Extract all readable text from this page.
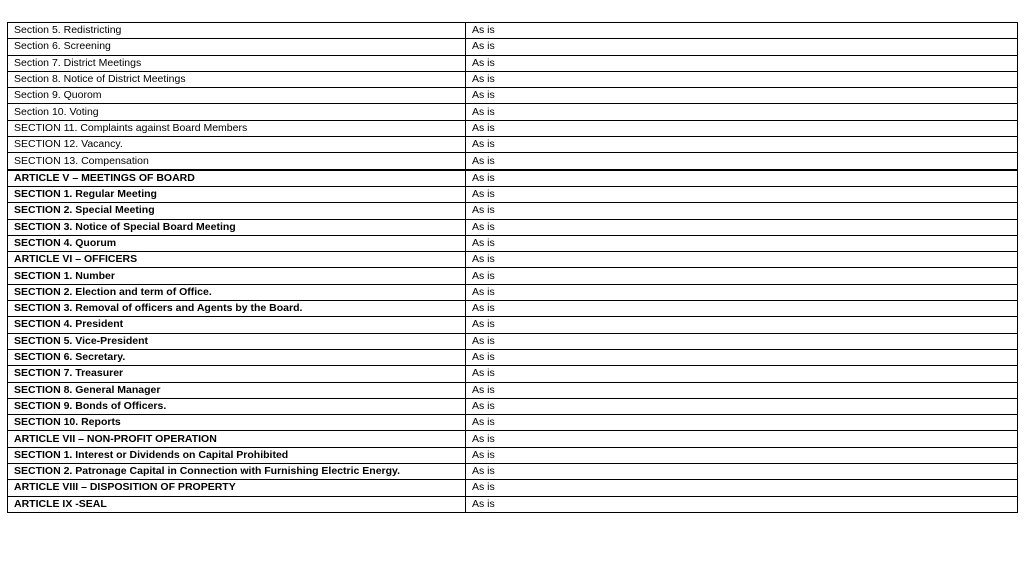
Section 5. Redistricting	As is
Section 6. Screening	As is
Section 7. District Meetings	As is
Section 8. Notice of District Meetings	As is
Section 9. Quorom	As is
Section 10. Voting	As is
SECTION 11. Complaints against Board Members	As is
SECTION 12. Vacancy.	As is
SECTION 13. Compensation	As is
ARTICLE V – MEETINGS OF BOARD	As is
SECTION 1. Regular Meeting	As is
SECTION 2. Special Meeting	As is
SECTION 3. Notice of Special Board Meeting	As is
SECTION 4. Quorum	As is
ARTICLE VI – OFFICERS	As is
SECTION 1. Number	As is
SECTION 2. Election and term of Office.	As is
SECTION 3. Removal of officers and Agents by the Board.	As is
SECTION 4. President	As is
SECTION 5. Vice-President	As is
SECTION 6. Secretary.	As is
SECTION 7. Treasurer	As is
SECTION 8. General Manager	As is
SECTION 9. Bonds of Officers.	As is
SECTION 10. Reports	As is
ARTICLE VII – NON-PROFIT OPERATION	As is
SECTION 1. Interest or Dividends on Capital Prohibited	As is
SECTION 2. Patronage Capital in Connection with Furnishing Electric Energy.	As is
ARTICLE VIII – DISPOSITION OF PROPERTY	As is
ARTICLE IX -SEAL	As is
